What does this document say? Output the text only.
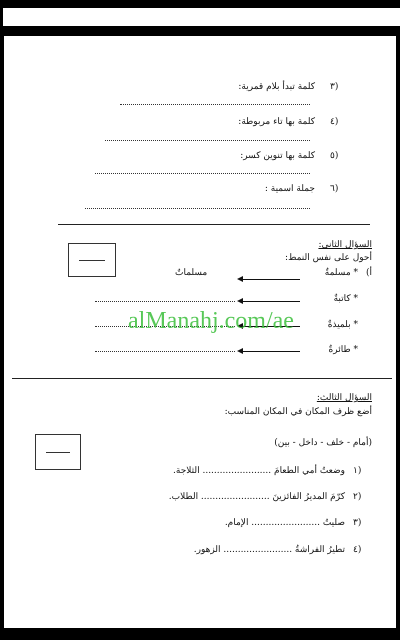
٣)
كلمة تبدأ بلام قمرية:
٤)
كلمة بها تاء مربوطة:
٥)
كلمة بها تنوين كسر:
٦)
جملة اسمية :
السؤال الثاني:
أحول على نفس النمط:
أ)
* مسلمةٌ
مسلماتٌ
* كاتبةٌ
* بلميذةٌ
* طائرةٌ
السؤال الثالث:
أضع ظرف المكان في المكان المناسب:
(أمام - خلف - داخل - بين)
١)
وضعتُ أمي الطعامَ ........................ الثلاجة.
٢)
كرّمَ المديرُ الفائزينَ ........................ الطلاب.
٣)
صليتُ ........................ الإمام.
٤)
تطيرُ الفراشةُ ........................ الزهور.
alManahj.com/ae
